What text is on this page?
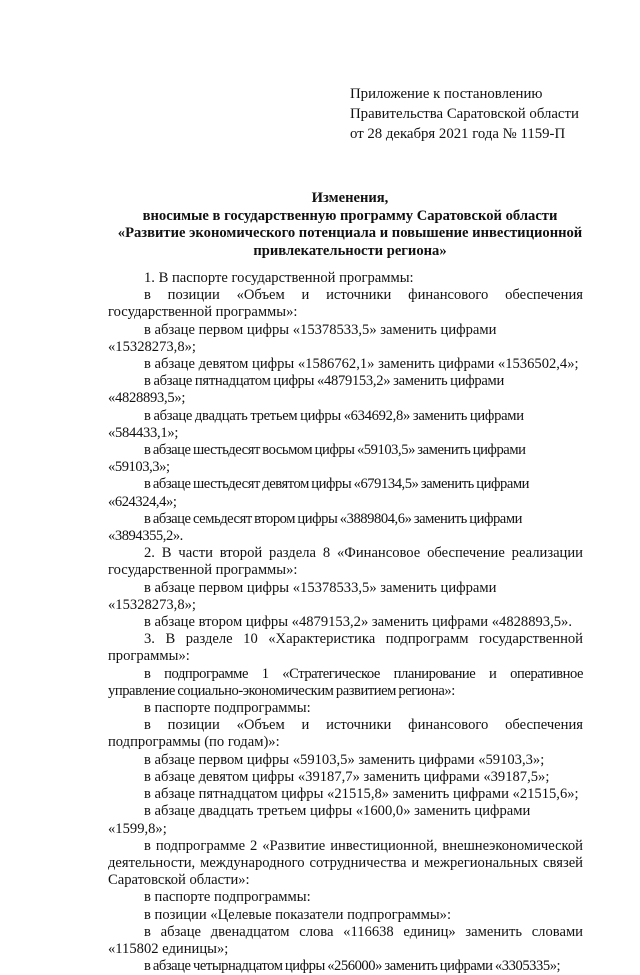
Приложение к постановлению
Правительства Саратовской области
от 28 декабря 2021 года № 1159-П
Изменения,
вносимые в государственную программу Саратовской области
«Развитие экономического потенциала и повышение инвестиционной
привлекательности региона»

1. В паспорте государственной программы:

в позиции «Объем и источники финансового обеспечения государственной программы»:

в абзаце первом цифры «15378533,5» заменить цифрами «15328273,8»;

в абзаце девятом цифры «1586762,1» заменить цифрами «1536502,4»;

в абзаце пятнадцатом цифры «4879153,2» заменить цифрами «4828893,5»;

в абзаце двадцать третьем цифры «634692,8» заменить цифрами «584433,1»;

в абзаце шестьдесят восьмом цифры «59103,5» заменить цифрами «59103,3»;

в абзаце шестьдесят девятом цифры «679134,5» заменить цифрами «624324,4»;

в абзаце семьдесят втором цифры «3889804,6» заменить цифрами «3894355,2».

2. В части второй раздела 8 «Финансовое обеспечение реализации государственной программы»:

в абзаце первом цифры «15378533,5» заменить цифрами «15328273,8»;

в абзаце втором цифры «4879153,2» заменить цифрами «4828893,5».

3. В разделе 10 «Характеристика подпрограмм государственной программы»:

в подпрограмме 1 «Стратегическое планирование и оперативное управление социально-экономическим развитием региона»:

в паспорте подпрограммы:

в позиции «Объем и источники финансового обеспечения подпрограммы (по годам)»:

в абзаце первом цифры «59103,5» заменить цифрами «59103,3»;

в абзаце девятом цифры «39187,7» заменить цифрами «39187,5»;

в абзаце пятнадцатом цифры «21515,8» заменить цифрами «21515,6»;

в абзаце двадцать третьем цифры «1600,0» заменить цифрами «1599,8»;

в подпрограмме 2 «Развитие инвестиционной, внешнеэкономической деятельности, международного сотрудничества и межрегиональных связей Саратовской области»:

в паспорте подпрограммы:

в позиции «Целевые показатели подпрограммы»:

в абзаце двенадцатом слова «116638 единиц» заменить словами «115802 единицы»;

в абзаце четырнадцатом цифры «256000» заменить цифрами «3305335»;
